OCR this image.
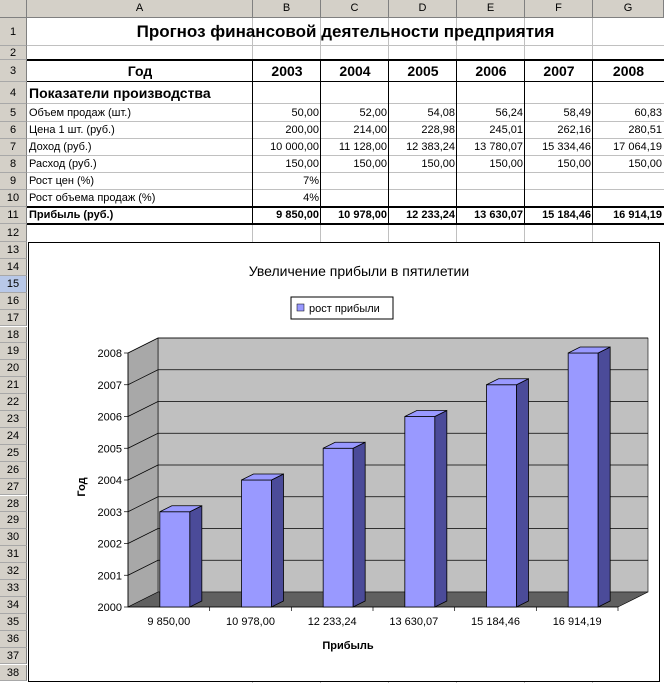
A	B	C	D	E	F	G
1
2
3
4
5
6
7
8
9
10
11
12
13
14
15
16
17
18
19
20
21
22
23
24
25
26
27
28
29
30
31
32
33
34
35
36
37
38
Прогноз финансовой деятельности предприятия
Год	2003	2004	2005	2006	2007	2008
Показатели производства
Объем продаж (шт.)	50,00	52,00	54,08	56,24	58,49	60,83
Цена 1 шт. (руб.)	200,00	214,00	228,98	245,01	262,16	280,51
Доход (руб.)	10 000,00	11 128,00	12 383,24	13 780,07	15 334,46	17 064,19
Расход (руб.)	150,00	150,00	150,00	150,00	150,00	150,00
Рост цен (%)	7%
Рост объема продаж (%)	4%
Прибыль (руб.)	9 850,00	10 978,00	12 233,24	13 630,07	15 184,46	16 914,19
Увеличение прибыли в пятилетии
рост прибыли
2000
2001
2002
2003
2004
2005
2006
2007
2008
9 850,00	10 978,00	12 233,24	13 630,07	15 184,46	16 914,19
Прибыль
Год
